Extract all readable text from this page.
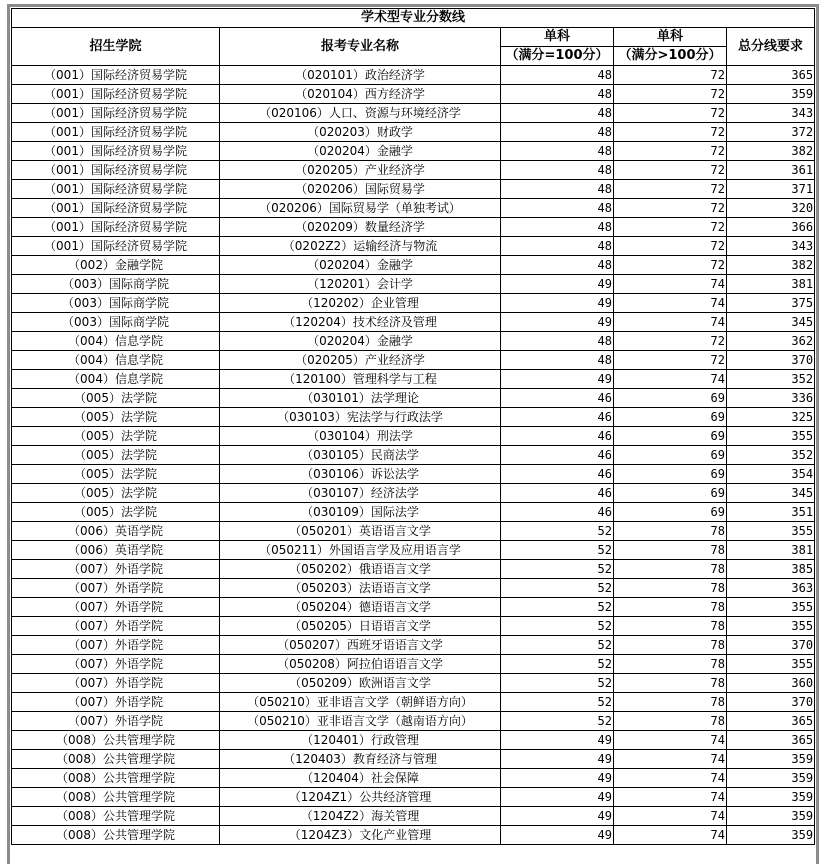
学术型专业分数线				
招生学院	报考专业名称	单科	单科	总分线要求
		（满分=100分）	（满分>100分）	
（001）国际经济贸易学院	（020101）政治经济学	48	72	365
（001）国际经济贸易学院	（020104）西方经济学	48	72	359
（001）国际经济贸易学院	（020106）人口、资源与环境经济学	48	72	343
（001）国际经济贸易学院	（020203）财政学	48	72	372
（001）国际经济贸易学院	（020204）金融学	48	72	382
（001）国际经济贸易学院	（020205）产业经济学	48	72	361
（001）国际经济贸易学院	（020206）国际贸易学	48	72	371
（001）国际经济贸易学院	（020206）国际贸易学（单独考试）	48	72	320
（001）国际经济贸易学院	（020209）数量经济学	48	72	366
（001）国际经济贸易学院	（0202Z2）运输经济与物流	48	72	343
（002）金融学院	（020204）金融学	48	72	382
（003）国际商学院	（120201）会计学	49	74	381
（003）国际商学院	（120202）企业管理	49	74	375
（003）国际商学院	（120204）技术经济及管理	49	74	345
（004）信息学院	（020204）金融学	48	72	362
（004）信息学院	（020205）产业经济学	48	72	370
（004）信息学院	（120100）管理科学与工程	49	74	352
（005）法学院	（030101）法学理论	46	69	336
（005）法学院	（030103）宪法学与行政法学	46	69	325
（005）法学院	（030104）刑法学	46	69	355
（005）法学院	（030105）民商法学	46	69	352
（005）法学院	（030106）诉讼法学	46	69	354
（005）法学院	（030107）经济法学	46	69	345
（005）法学院	（030109）国际法学	46	69	351
（006）英语学院	（050201）英语语言文学	52	78	355
（006）英语学院	（050211）外国语言学及应用语言学	52	78	381
（007）外语学院	（050202）俄语语言文学	52	78	385
（007）外语学院	（050203）法语语言文学	52	78	363
（007）外语学院	（050204）德语语言文学	52	78	355
（007）外语学院	（050205）日语语言文学	52	78	355
（007）外语学院	（050207）西班牙语语言文学	52	78	370
（007）外语学院	（050208）阿拉伯语语言文学	52	78	355
（007）外语学院	（050209）欧洲语言文学	52	78	360
（007）外语学院	（050210）亚非语言文学（朝鲜语方向）	52	78	370
（007）外语学院	（050210）亚非语言文学（越南语方向）	52	78	365
（008）公共管理学院	（120401）行政管理	49	74	365
（008）公共管理学院	（120403）教育经济与管理	49	74	359
（008）公共管理学院	（120404）社会保障	49	74	359
（008）公共管理学院	（1204Z1）公共经济管理	49	74	359
（008）公共管理学院	（1204Z2）海关管理	49	74	359
（008）公共管理学院	（1204Z3）文化产业管理	49	74	359
